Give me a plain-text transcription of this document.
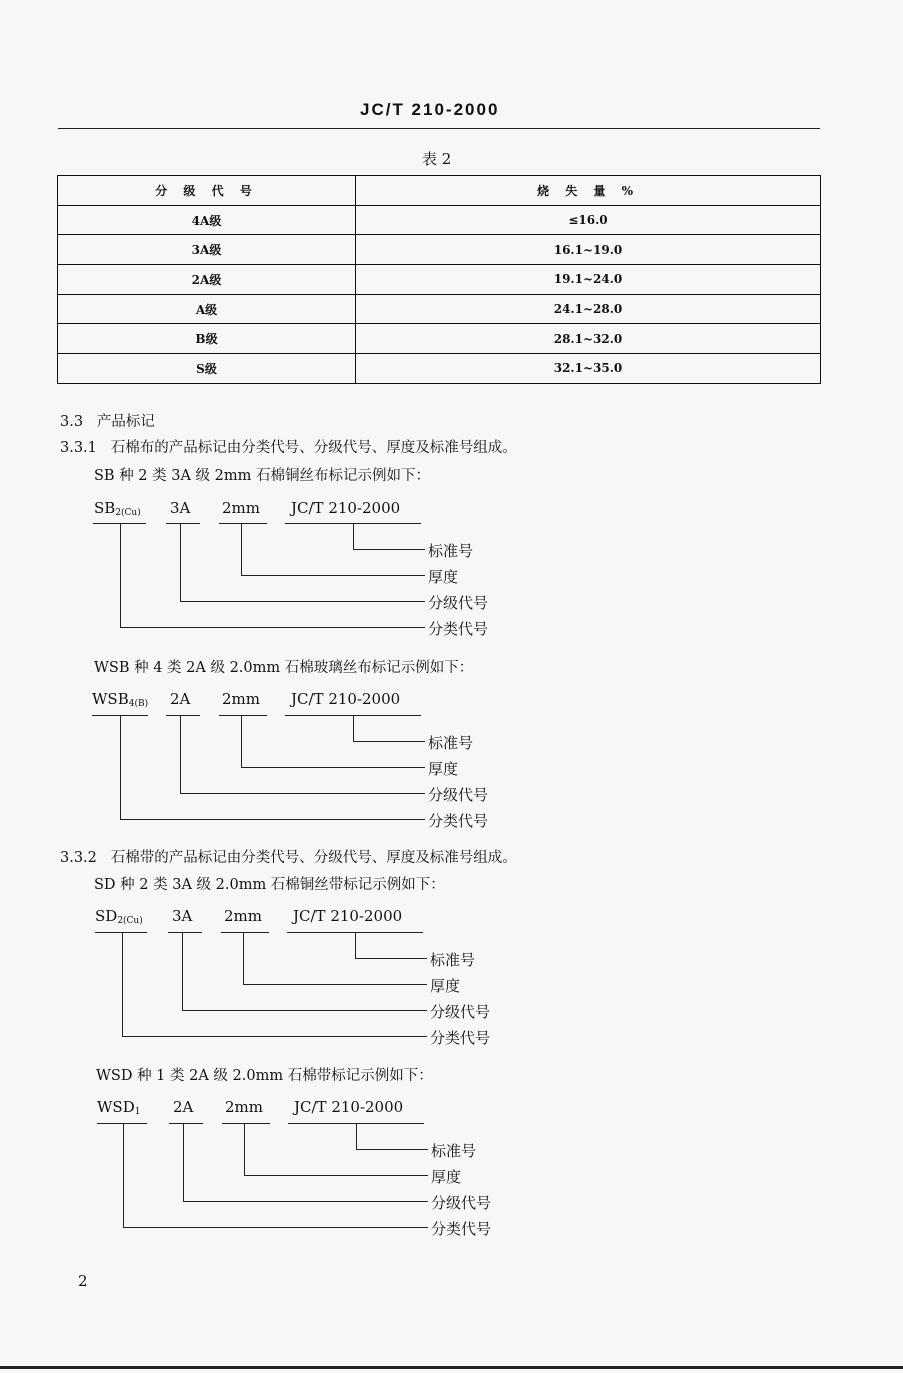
JC/T 210-2000
表 2
分 级 代 号	烧 失 量 %
4A级	≤16.0
3A级	16.1~19.0
2A级	19.1~24.0
A级	24.1~28.0
B级	28.1~32.0
S级	32.1~35.0
3.3 产品标记
3.3.1 石棉布的产品标记由分类代号、分级代号、厚度及标准号组成。
SB 种 2 类 3A 级 2mm 石棉铜丝布标记示例如下：
$SB_{2(Cu)}$ 3A 2mm JC/T 210-2000
标准号
厚度
分级代号
分类代号
WSB 种 4 类 2A 级 2.0mm 石棉玻璃丝布标记示例如下：
$WSB_{4(B)}$ 2A 2mm JC/T 210-2000
标准号
厚度
分级代号
分类代号
3.3.2 石棉带的产品标记由分类代号、分级代号、厚度及标准号组成。
SD 种 2 类 3A 级 2.0mm 石棉铜丝带标记示例如下：
$SD_{2(Cu)}$ 3A 2mm JC/T 210-2000
标准号
厚度
分级代号
分类代号
WSD 种 1 类 2A 级 2.0mm 石棉带标记示例如下：
$WSD_1$ 2A 2mm JC/T 210-2000
标准号
厚度
分级代号
分类代号
2
